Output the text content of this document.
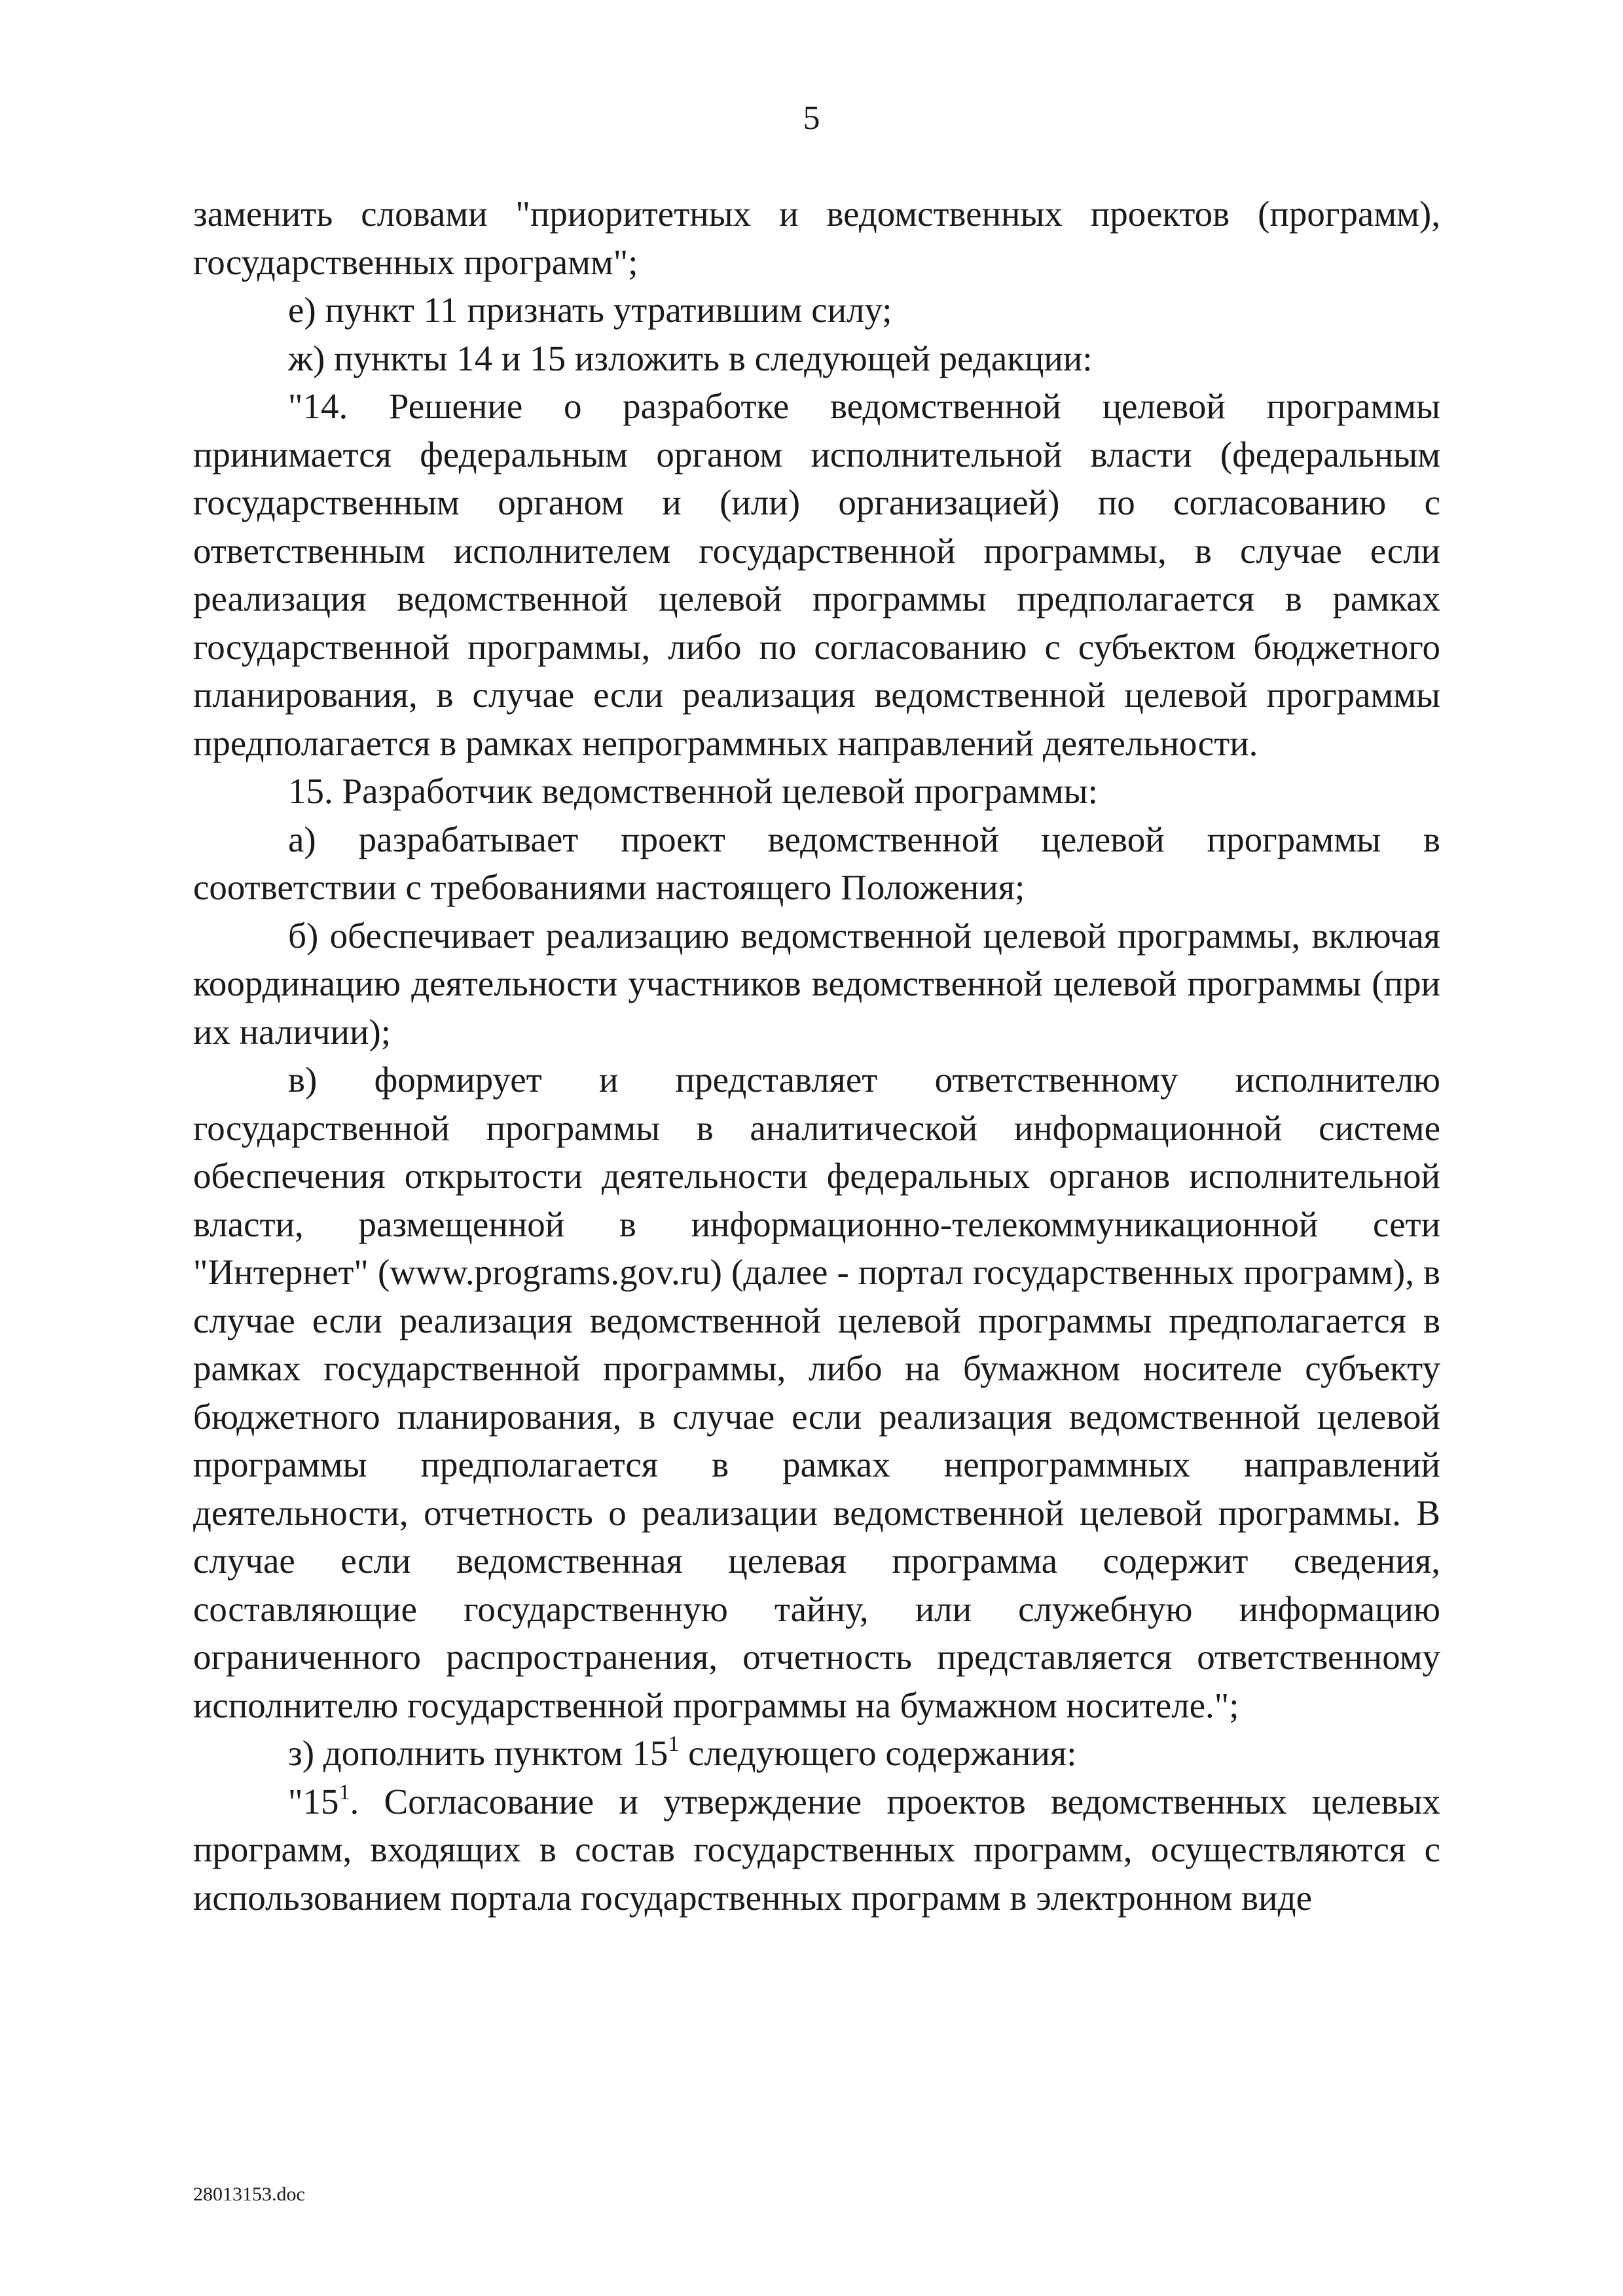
5

заменить словами "приоритетных и ведомственных проектов (программ), государственных программ";

е) пункт 11 признать утратившим силу;

ж) пункты 14 и 15 изложить в следующей редакции:

"14. Решение о разработке ведомственной целевой программы принимается федеральным органом исполнительной власти (федеральным государственным органом и (или) организацией) по согласованию с ответственным исполнителем государственной программы, в случае если реализация ведомственной целевой программы предполагается в рамках государственной программы, либо по согласованию с субъектом бюджетного планирования, в случае если реализация ведомственной целевой программы предполагается в рамках непрограммных направлений деятельности.

15. Разработчик ведомственной целевой программы:

а) разрабатывает проект ведомственной целевой программы в соответствии с требованиями настоящего Положения;

б) обеспечивает реализацию ведомственной целевой программы, включая координацию деятельности участников ведомственной целевой программы (при их наличии);

в) формирует и представляет ответственному исполнителю государственной программы в аналитической информационной системе обеспечения открытости деятельности федеральных органов исполнительной власти, размещенной в информационно-телекоммуникационной сети "Интернет" (www.programs.gov.ru) (далее - портал государственных программ), в случае если реализация ведомственной целевой программы предполагается в рамках государственной программы, либо на бумажном носителе субъекту бюджетного планирования, в случае если реализация ведомственной целевой программы предполагается в рамках непрограммных направлений деятельности, отчетность о реализации ведомственной целевой программы. В случае если ведомственная целевая программа содержит сведения, составляющие государственную тайну, или служебную информацию ограниченного распространения, отчетность представляется ответственному исполнителю государственной программы на бумажном носителе.";

з) дополнить пунктом $15^1$ следующего содержания:

"$15^1$. Согласование и утверждение проектов ведомственных целевых программ, входящих в состав государственных программ, осуществляются с использованием портала государственных программ в электронном виде

28013153.doc
